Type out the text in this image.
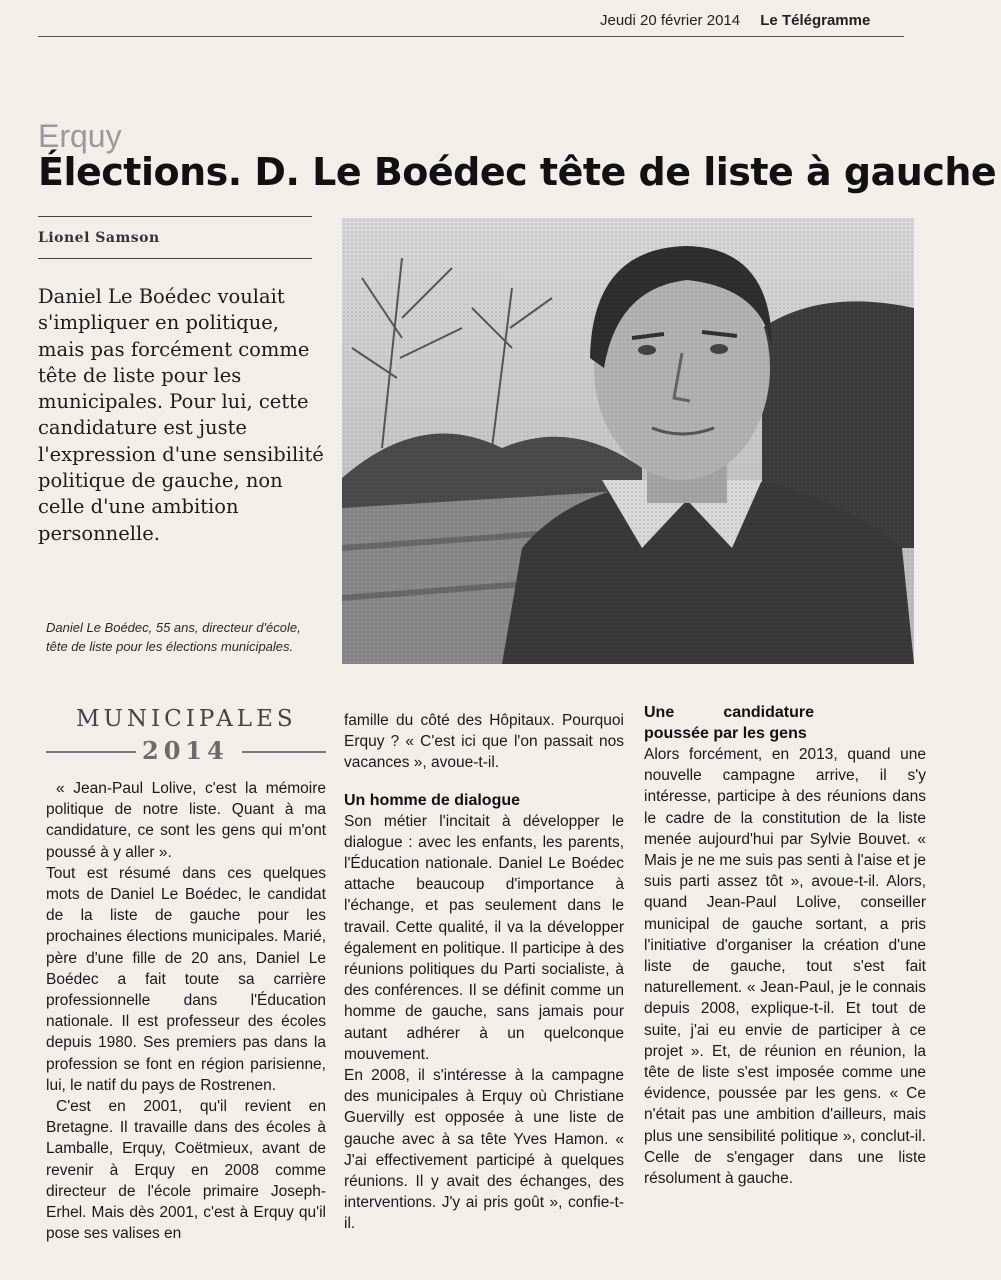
Jeudi 20 février 2014 Le Télégramme
Erquy
Élections. D. Le Boédec tête de liste à gauche
Lionel Samson
Daniel Le Boédec voulait s'impliquer en politique, mais pas forcément comme tête de liste pour les municipales. Pour lui, cette candidature est juste l'expression d'une sensibilité politique de gauche, non celle d'une ambition personnelle.
Daniel Le Boédec, 55 ans, directeur d'école, tête de liste pour les élections municipales.
MUNICIPALES
2014

« Jean-Paul Lolive, c'est la mémoire politique de notre liste. Quant à ma candidature, ce sont les gens qui m'ont poussé à y aller ».

Tout est résumé dans ces quelques mots de Daniel Le Boédec, le candidat de la liste de gauche pour les prochaines élections municipales. Marié, père d'une fille de 20 ans, Daniel Le Boédec a fait toute sa carrière professionnelle dans l'Éducation nationale. Il est professeur des écoles depuis 1980. Ses premiers pas dans la profession se font en région parisienne, lui, le natif du pays de Rostrenen.

C'est en 2001, qu'il revient en Bretagne. Il travaille dans des écoles à Lamballe, Erquy, Coëtmieux, avant de revenir à Erquy en 2008 comme directeur de l'école primaire Joseph-Erhel. Mais dès 2001, c'est à Erquy qu'il pose ses valises en

famille du côté des Hôpitaux. Pourquoi Erquy ? « C'est ici que l'on passait nos vacances », avoue-t-il.

Un homme de dialogue

Son métier l'incitait à développer le dialogue : avec les enfants, les parents, l'Éducation nationale. Daniel Le Boédec attache beaucoup d'importance à l'échange, et pas seulement dans le travail. Cette qualité, il va la développer également en politique. Il participe à des réunions politiques du Parti socialiste, à des conférences. Il se définit comme un homme de gauche, sans jamais pour autant adhérer à un quelconque mouvement.

En 2008, il s'intéresse à la campagne des municipales à Erquy où Christiane Guervilly est opposée à une liste de gauche avec à sa tête Yves Hamon. « J'ai effectivement participé à quelques réunions. Il y avait des échanges, des interventions. J'y ai pris goût », confie-t-il.

Une candidature poussée par les gens

Alors forcément, en 2013, quand une nouvelle campagne arrive, il s'y intéresse, participe à des réunions dans le cadre de la constitution de la liste menée aujourd'hui par Sylvie Bouvet. « Mais je ne me suis pas senti à l'aise et je suis parti assez tôt », avoue-t-il. Alors, quand Jean-Paul Lolive, conseiller municipal de gauche sortant, a pris l'initiative d'organiser la création d'une liste de gauche, tout s'est fait naturellement. « Jean-Paul, je le connais depuis 2008, explique-t-il. Et tout de suite, j'ai eu envie de participer à ce projet ». Et, de réunion en réunion, la tête de liste s'est imposée comme une évidence, poussée par les gens. « Ce n'était pas une ambition d'ailleurs, mais plus une sensibilité politique », conclut-il. Celle de s'engager dans une liste résolument à gauche.
